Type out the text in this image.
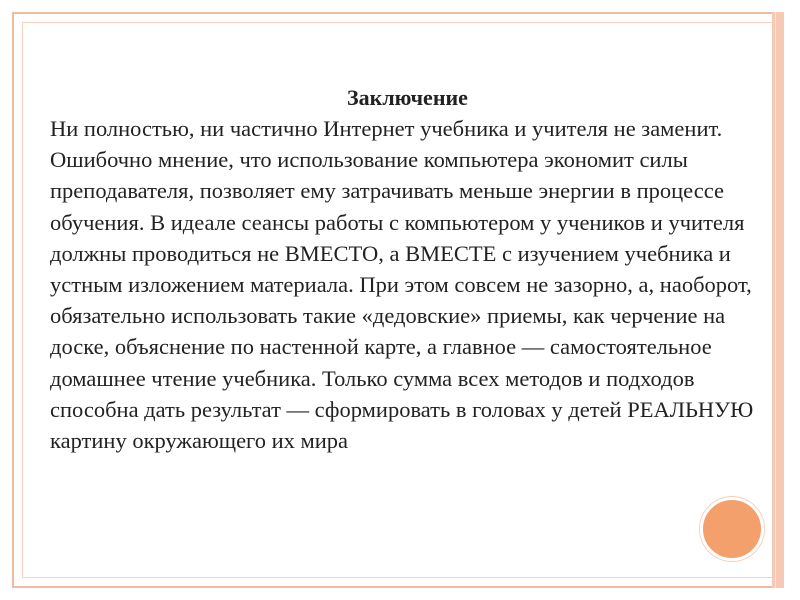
Заключение

Ни полностью, ни частично Интернет учебника и учителя не заменит. Ошибочно мнение, что использование компьютера экономит силы преподавателя, позволяет ему затрачивать меньше энергии в процессе обучения. В идеале сеансы работы с компьютером у учеников и учителя должны проводиться не ВМЕСТО, а ВМЕСТЕ с изучением учебника и устным изложением материала. При этом совсем не зазорно, а, наоборот, обязательно использовать такие «дедовские» приемы, как черчение на доске, объяснение по настенной карте, а главное — самостоятельное домашнее чтение учебника. Только сумма всех методов и подходов способна дать результат — сформировать в головах у детей РЕАЛЬНУЮ картину окружающего их мира
